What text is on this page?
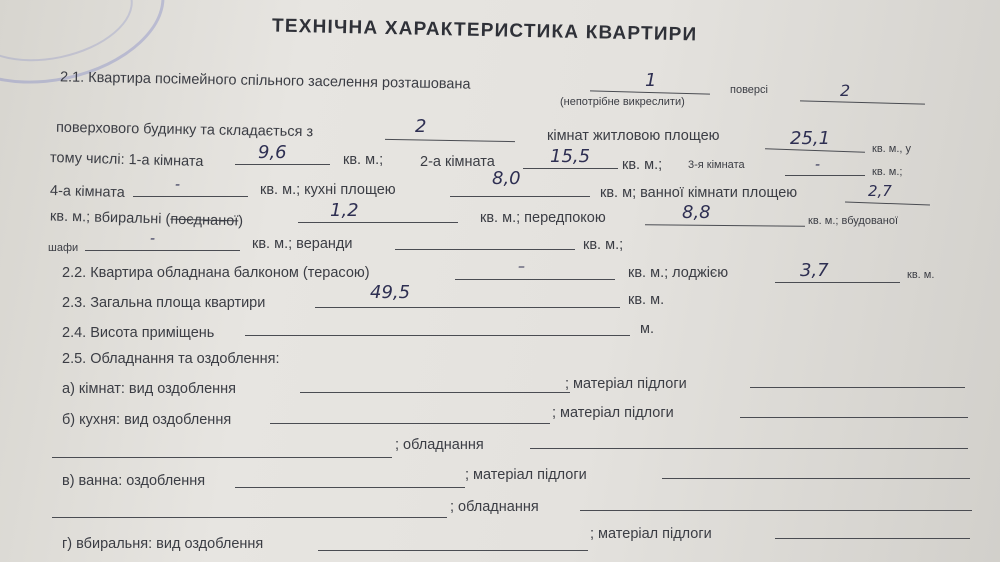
ТЕХНІЧНА ХАРАКТЕРИСТИКА КВАРТИРИ
2.1. Квартира посімейного спільного заселення розташована	1	поверсі	2
(непотрібне викреслити)
поверхового будинку та складається з	2	кімнат житловою площею	25,1	кв. м., у
тому числі: 1-а кімната	9,6	кв. м.;	2-а кімната	15,5 кв. м.; 3-я кімната	-	кв. м.;
4-а кімната	-	кв. м.; кухні площею
8,0
кв. м; ванної кімнати площею	2,7
кв. м.; вбиральні (поєднаної)
1,2	кв. м.; передпокою	8,8	кв. м.; вбудованої
шафи
-	кв. м.; веранди	кв. м.;
2.2. Квартира обладнана балконом (терасою)	–	кв. м.; лоджією	3,7	кв. м.
2.3. Загальна площа квартири	49,5	кв. м.
2.4. Висота приміщень	м.
2.5. Обладнання та оздоблення:
а) кімнат: вид оздоблення	; матеріал підлоги
б) кухня: вид оздоблення	; матеріал підлоги
; обладнання
в) ванна: оздоблення	; матеріал підлоги
; обладнання
г) вбиральня: вид оздоблення
; матеріал підлоги
